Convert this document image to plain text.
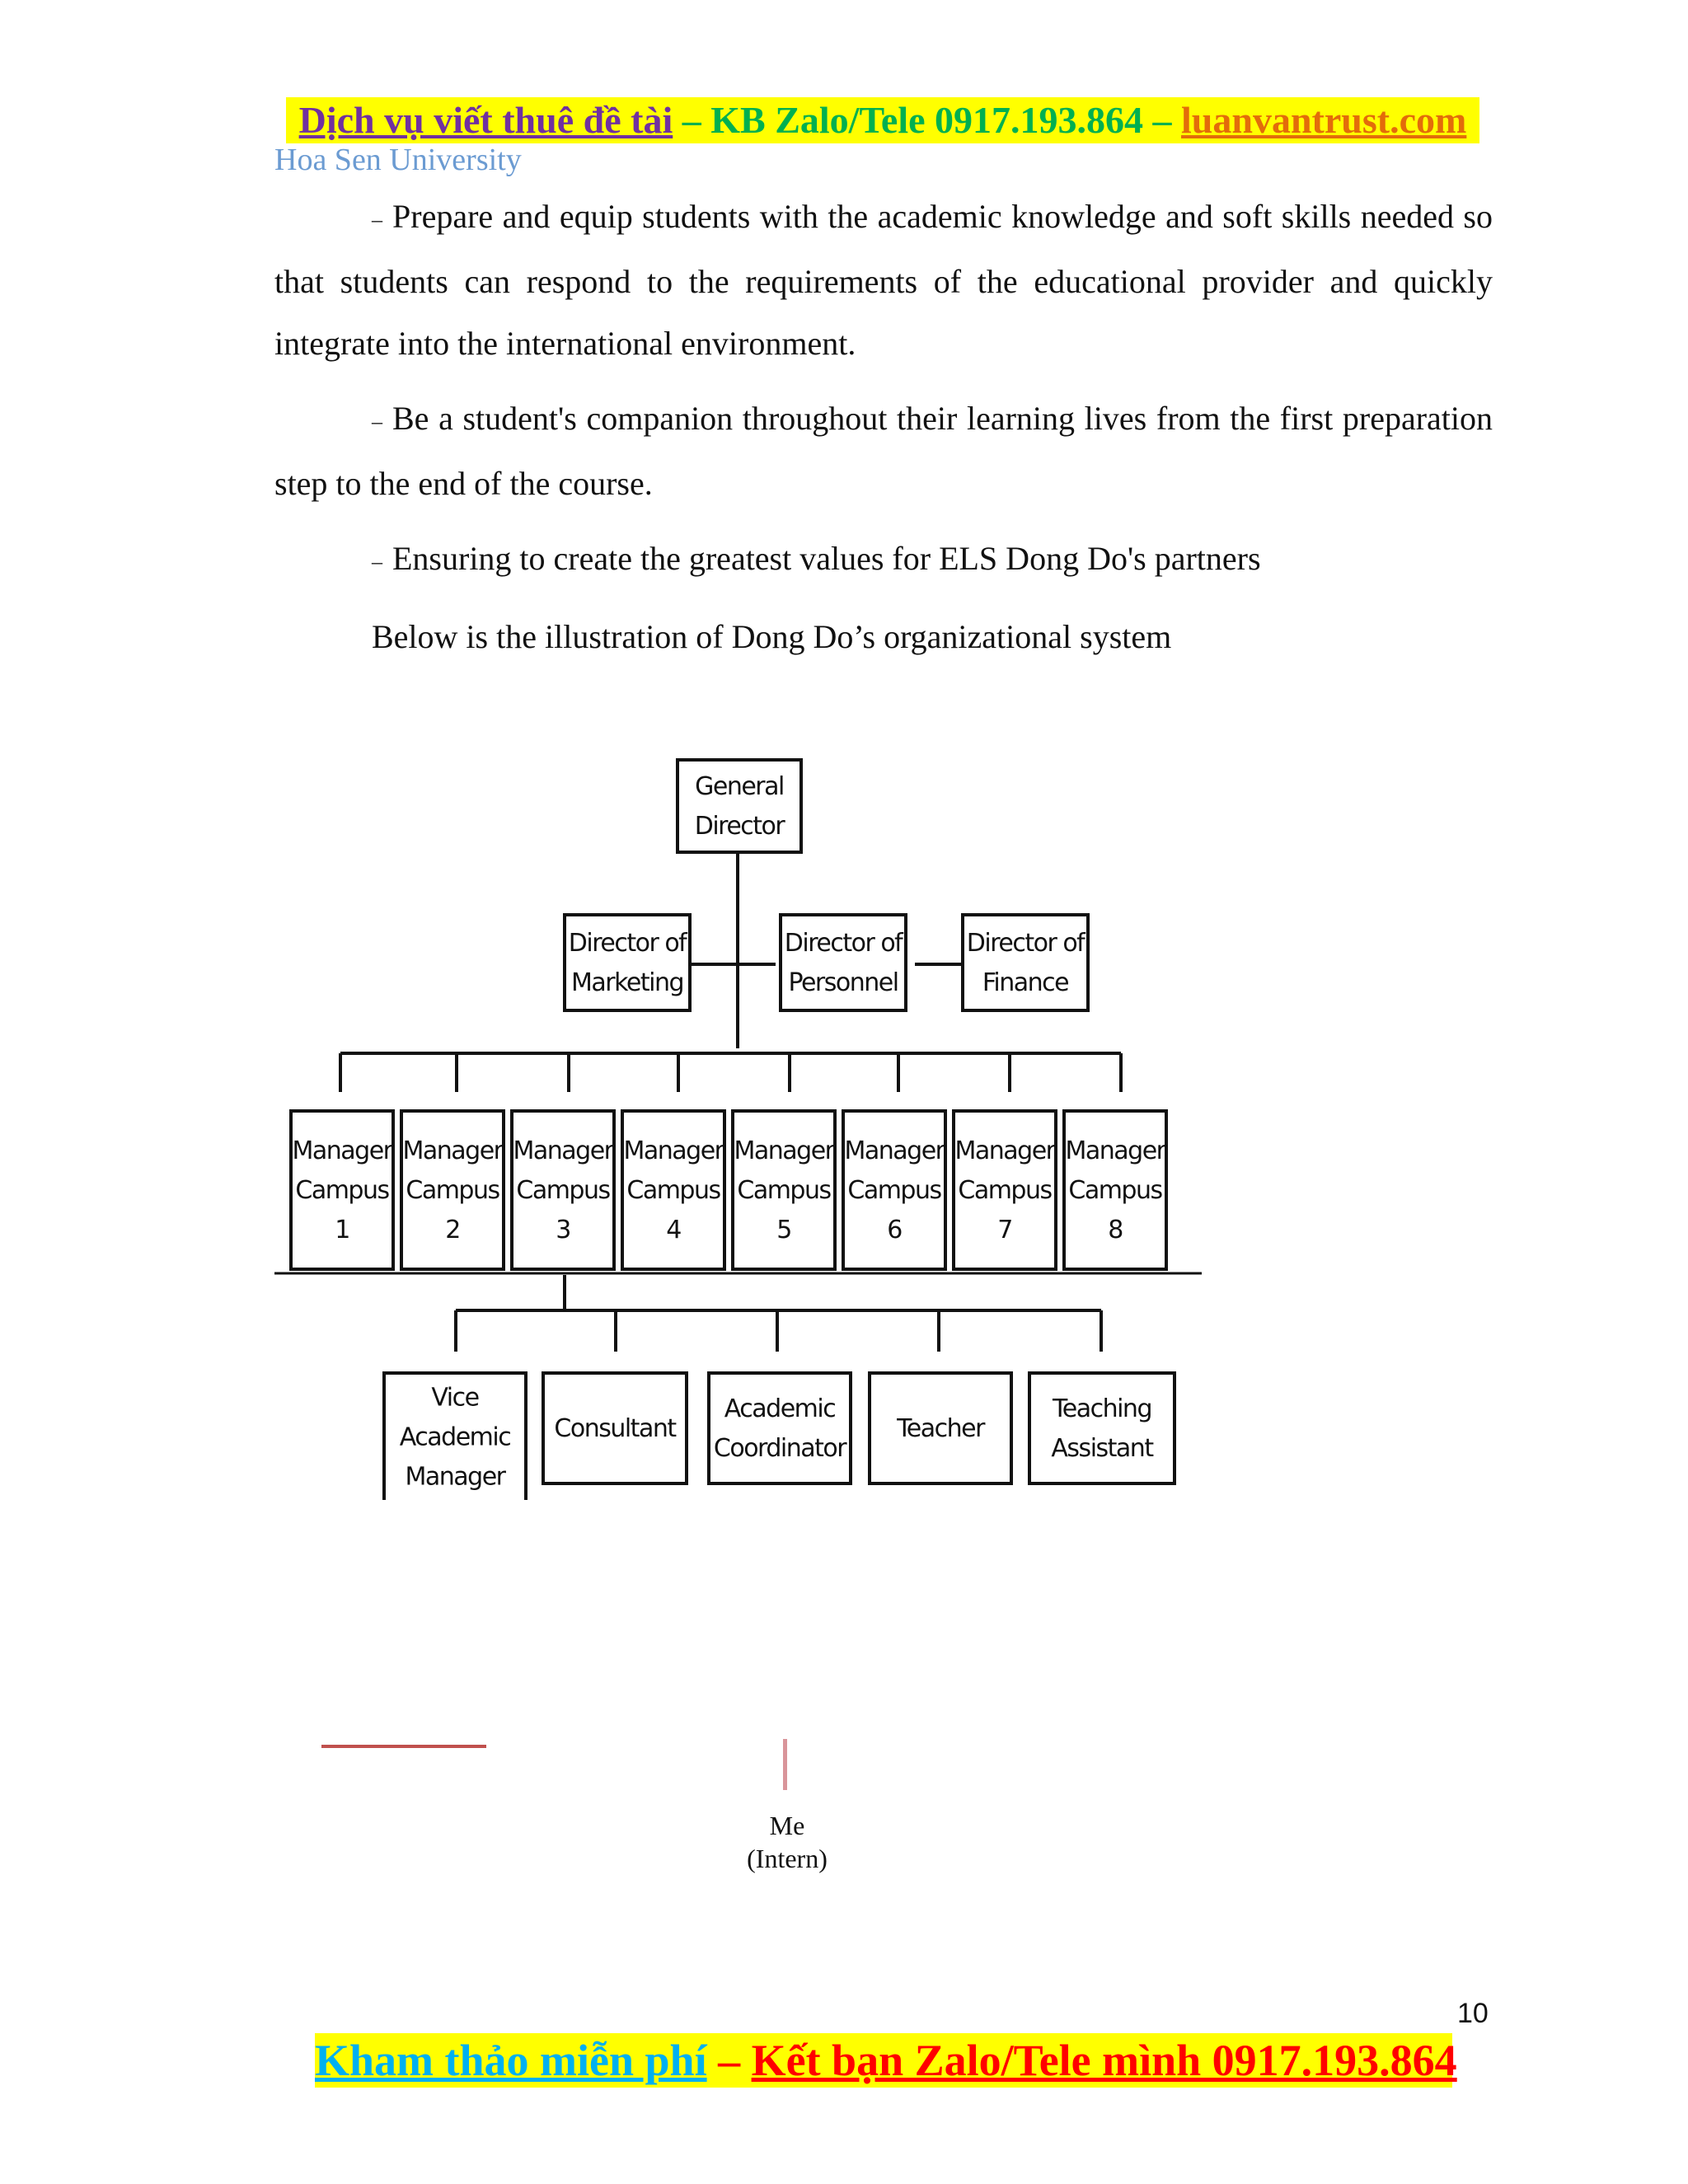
Dịch vụ viết thuê đề tài – KB Zalo/Tele 0917.193.864 – luanvantrust.com
Hoa Sen University
– Prepare and equip students with the academic knowledge and soft skills needed so that students can respond to the requirements of the educational provider and quickly integrate into the international environment.
– Be a student's companion throughout their learning lives from the first preparation step to the end of the course.
– Ensuring to create the greatest values for ELS Dong Do's partners
Below is the illustration of Dong Do’s organizational system
General
Director
Director of
Marketing
Director of
Personnel
Director of
Finance
Manager
Campus
1
Manager
Campus
2
Manager
Campus
3
Manager
Campus
4
Manager
Campus
5
Manager
Campus
6
Manager
Campus
7
Manager
Campus
8
Vice
Academic
Manager
Consultant
Academic
Coordinator
Teacher
Teaching
Assistant
Me
(Intern)
10
Kham thảo miễn phí – Kết bạn Zalo/Tele mình 0917.193.864
